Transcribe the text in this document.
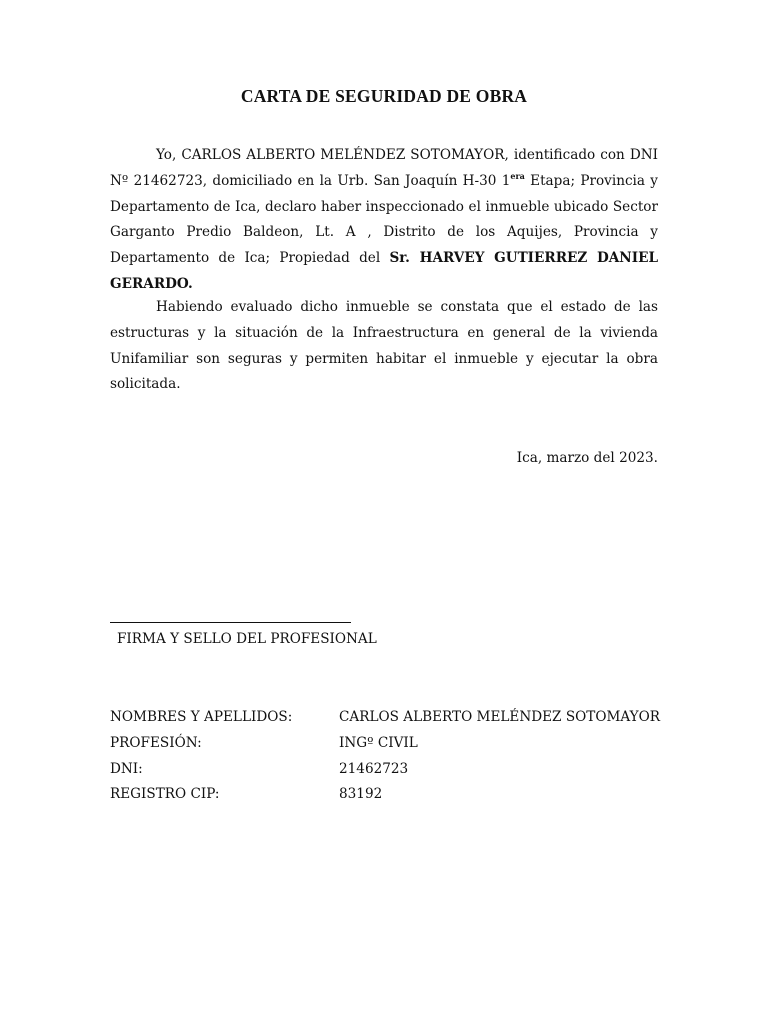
CARTA DE SEGURIDAD DE OBRA
Yo, CARLOS ALBERTO MELÉNDEZ SOTOMAYOR, identificado con DNI Nº 21462723, domiciliado en la Urb. San Joaquín H-30 $1^{era}$ Etapa; Provincia y Departamento de Ica, declaro haber inspeccionado el inmueble ubicado Sector Garganto Predio Baldeon, Lt. A , Distrito de los Aquijes, Provincia y Departamento de Ica; Propiedad del Sr. HARVEY GUTIERREZ DANIEL GERARDO.
Habiendo evaluado dicho inmueble se constata que el estado de las estructuras y la situación de la Infraestructura en general de la vivienda Unifamiliar son seguras y permiten habitar el inmueble y ejecutar la obra solicitada.
Ica, marzo del 2023.
FIRMA Y SELLO DEL PROFESIONAL
NOMBRES Y APELLIDOS:	CARLOS ALBERTO MELÉNDEZ SOTOMAYOR
PROFESIÓN:	INGº CIVIL
DNI:	21462723
REGISTRO CIP:	83192
